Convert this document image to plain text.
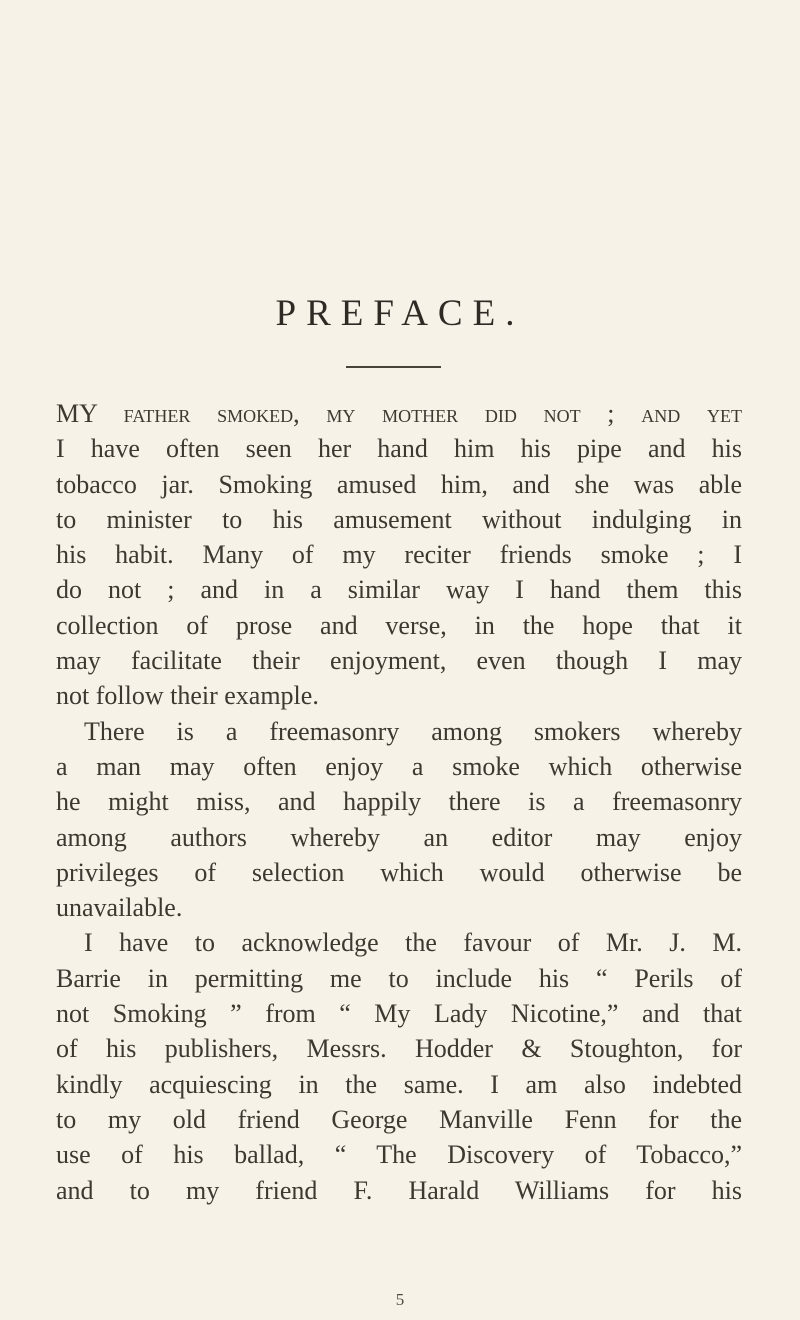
PREFACE.

MY father smoked, my mother did not ; and yet

I have often seen her hand him his pipe and his

tobacco jar. Smoking amused him, and she was able

to minister to his amusement without indulging in

his habit. Many of my reciter friends smoke ; I

do not ; and in a similar way I hand them this

collection of prose and verse, in the hope that it

may facilitate their enjoyment, even though I may

not follow their example.

There is a freemasonry among smokers whereby

a man may often enjoy a smoke which otherwise

he might miss, and happily there is a freemasonry

among authors whereby an editor may enjoy

privileges of selection which would otherwise be

unavailable.

I have to acknowledge the favour of Mr. J. M.

Barrie in permitting me to include his “ Perils of

not Smoking ” from “ My Lady Nicotine,” and that

of his publishers, Messrs. Hodder & Stoughton, for

kindly acquiescing in the same. I am also indebted

to my old friend George Manville Fenn for the

use of his ballad, “ The Discovery of Tobacco,”

and to my friend F. Harald Williams for his

5
